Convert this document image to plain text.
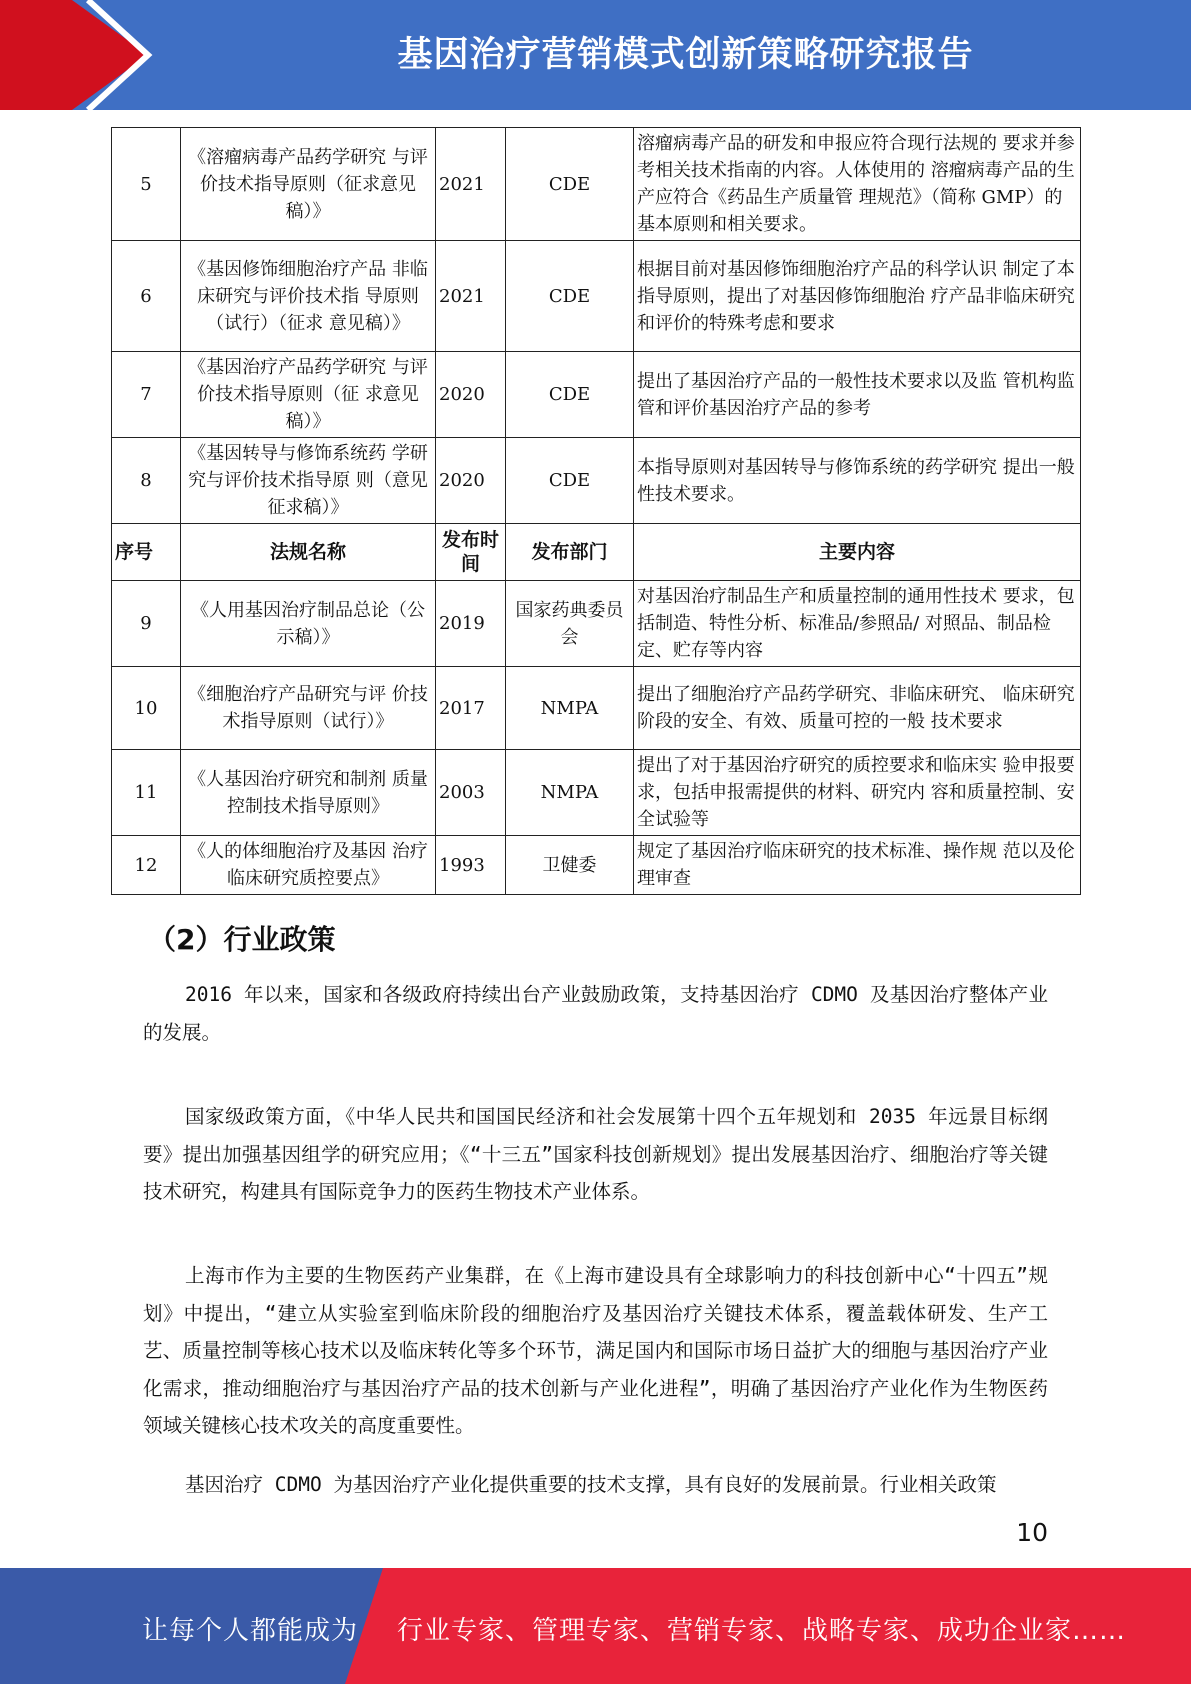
基因治疗营销模式创新策略研究报告
5	《溶瘤病毒产品药学研究 与评价技术指导原则（征求意见稿）》	2021	CDE	溶瘤病毒产品的研发和申报应符合现行法规的 要求并参考相关技术指南的内容。人体使用的 溶瘤病毒产品的生产应符合《药品生产质量管 理规范》（简称 GMP）的基本原则和相关要求。
6	《基因修饰细胞治疗产品 非临床研究与评价技术指 导原则（试行）（征求 意见稿）》	2021	CDE	根据目前对基因修饰细胞治疗产品的科学认识 制定了本指导原则，提出了对基因修饰细胞治 疗产品非临床研究和评价的特殊考虑和要求
7	《基因治疗产品药学研究 与评价技术指导原则（征 求意见稿）》	2020	CDE	提出了基因治疗产品的一般性技术要求以及监 管机构监管和评价基因治疗产品的参考
8	《基因转导与修饰系统药 学研究与评价技术指导原 则（意见征求稿）》	2020	CDE	本指导原则对基因转导与修饰系统的药学研究 提出一般性技术要求。
序号	法规名称	发布时间	发布部门	主要内容
9	《人用基因治疗制品总论（公示稿）》	2019	国家药典委员会	对基因治疗制品生产和质量控制的通用性技术 要求，包括制造、特性分析、标准品/参照品/ 对照品、制品检定、贮存等内容
10	《细胞治疗产品研究与评 价技术指导原则（试行）》	2017	NMPA	提出了细胞治疗产品药学研究、非临床研究、 临床研究阶段的安全、有效、质量可控的一般 技术要求
11	《人基因治疗研究和制剂 质量控制技术指导原则》	2003	NMPA	提出了对于基因治疗研究的质控要求和临床实 验申报要求，包括申报需提供的材料、研究内 容和质量控制、安全试验等
12	《人的体细胞治疗及基因 治疗临床研究质控要点》	1993	卫健委	规定了基因治疗临床研究的技术标准、操作规 范以及伦理审查
（2）行业政策

2016 年以来，国家和各级政府持续出台产业鼓励政策，支持基因治疗 CDMO 及基因治疗整体产业的发展。

国家级政策方面，《中华人民共和国国民经济和社会发展第十四个五年规划和 2035 年远景目标纲要》提出加强基因组学的研究应用；《“十三五”国家科技创新规划》提出发展基因治疗、细胞治疗等关键技术研究，构建具有国际竞争力的医药生物技术产业体系。

上海市作为主要的生物医药产业集群，在《上海市建设具有全球影响力的科技创新中心“十四五”规划》中提出，“建立从实验室到临床阶段的细胞治疗及基因治疗关键技术体系，覆盖载体研发、生产工艺、质量控制等核心技术以及临床转化等多个环节，满足国内和国际市场日益扩大的细胞与基因治疗产业化需求，推动细胞治疗与基因治疗产品的技术创新与产业化进程”，明确了基因治疗产业化作为生物医药领域关键核心技术攻关的高度重要性。

基因治疗 CDMO 为基因治疗产业化提供重要的技术支撑，具有良好的发展前景。行业相关政策

10
让每个人都能成为 行业专家、管理专家、营销专家、战略专家、成功企业家……
